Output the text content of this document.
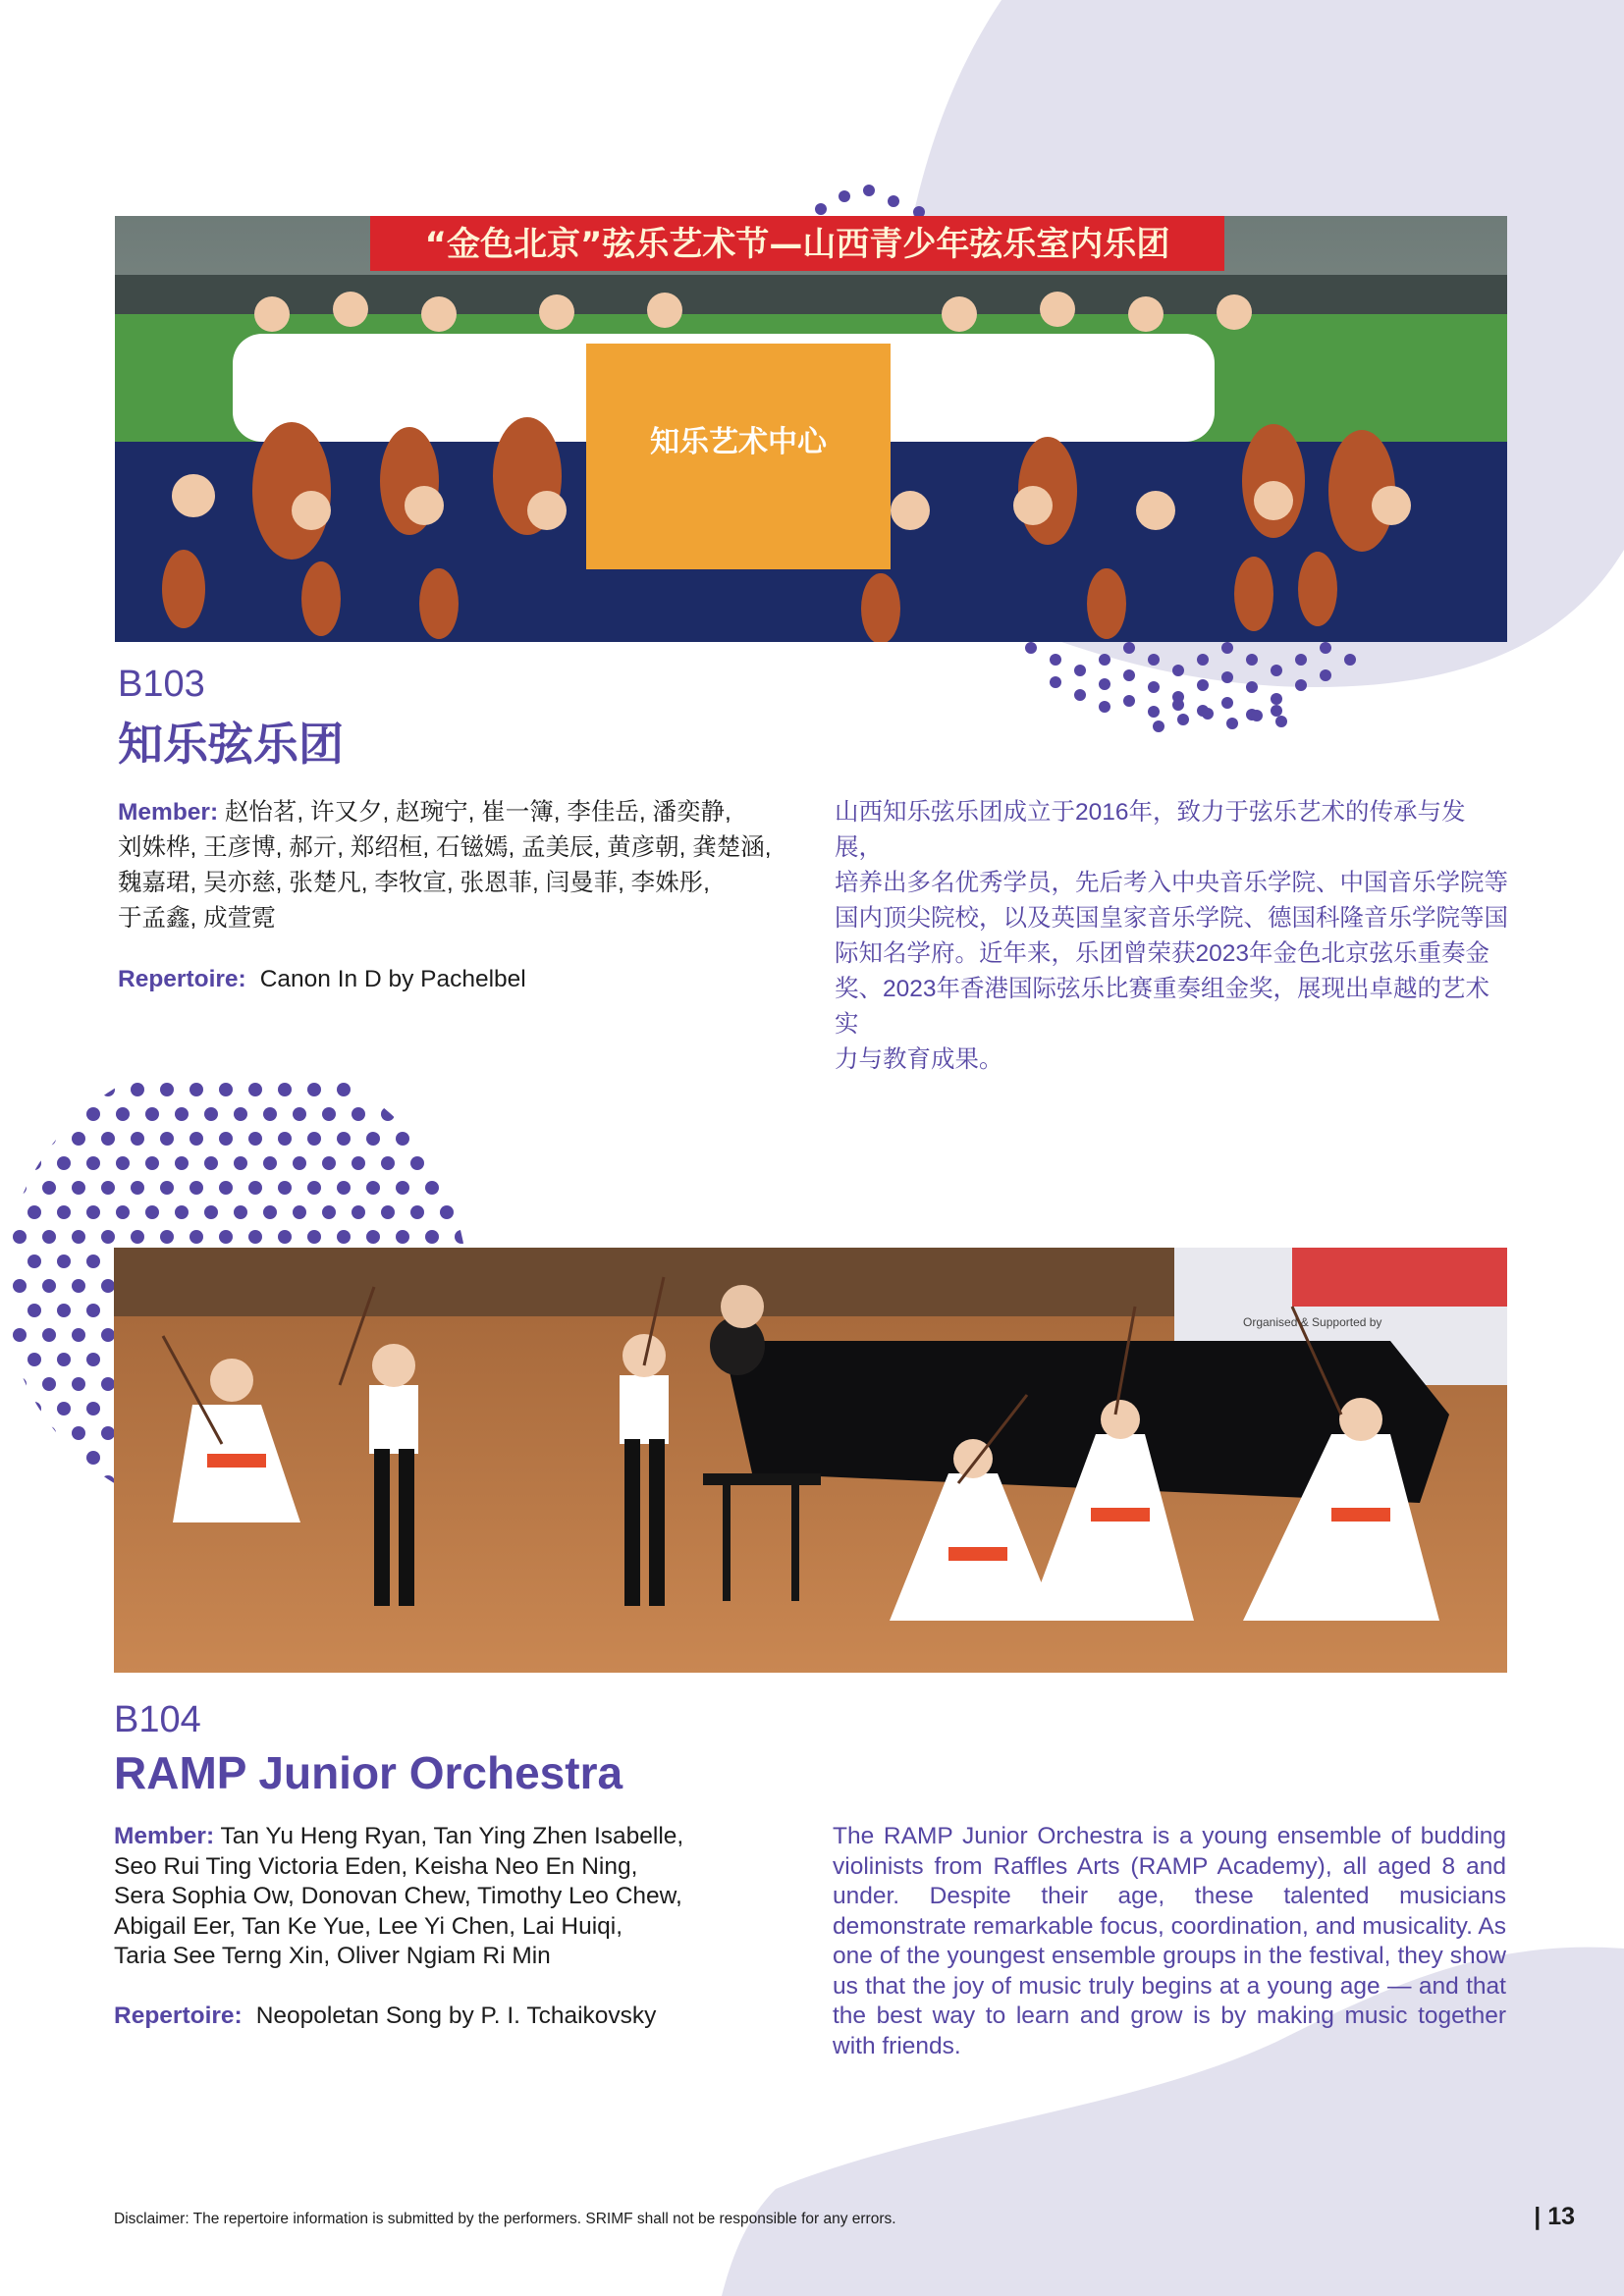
“金色北京”弦乐艺术节—山西青少年弦乐室内乐团
知乐艺术中心

B103

知乐弦乐团

Member: 赵怡茗, 许又夕, 赵琬宁, 崔一簿, 李佳岳, 潘奕静,
刘姝桦, 王彦博, 郝亓, 郑绍桓, 石镃嫣, 孟美辰, 黄彦朝, 龚楚涵,
魏嘉珺, 吴亦慈, 张楚凡, 李牧宣, 张恩菲, 闫曼菲, 李姝彤,
于孟鑫, 成萱霓

Repertoire: Canon In D by Pachelbel

山西知乐弦乐团成立于2016年，致力于弦乐艺术的传承与发展，
培养出多名优秀学员，先后考入中央音乐学院、中国音乐学院等
国内顶尖院校，以及英国皇家音乐学院、德国科隆音乐学院等国
际知名学府。近年来，乐团曾荣获2023年金色北京弦乐重奏金
奖、2023年香港国际弦乐比赛重奏组金奖，展现出卓越的艺术实
力与教育成果。
Organised & Supported by

B104

RAMP Junior Orchestra

Member: Tan Yu Heng Ryan, Tan Ying Zhen Isabelle,
Seo Rui Ting Victoria Eden, Keisha Neo En Ning,
Sera Sophia Ow, Donovan Chew, Timothy Leo Chew,
Abigail Eer, Tan Ke Yue, Lee Yi Chen, Lai Huiqi,
Taria See Terng Xin, Oliver Ngiam Ri Min

Repertoire: Neopoletan Song by P. I. Tchaikovsky

The RAMP Junior Orchestra is a young ensemble of budding violinists from Raffles Arts (RAMP Academy), all aged 8 and under. Despite their age, these talented musicians demonstrate remarkable focus, coordination, and musicality. As one of the youngest ensemble groups in the festival, they show us that the joy of music truly begins at a young age — and that the best way to learn and grow is by making music together with friends.

Disclaimer: The repertoire information is submitted by the performers. SRIMF shall not be responsible for any errors.	| 13
